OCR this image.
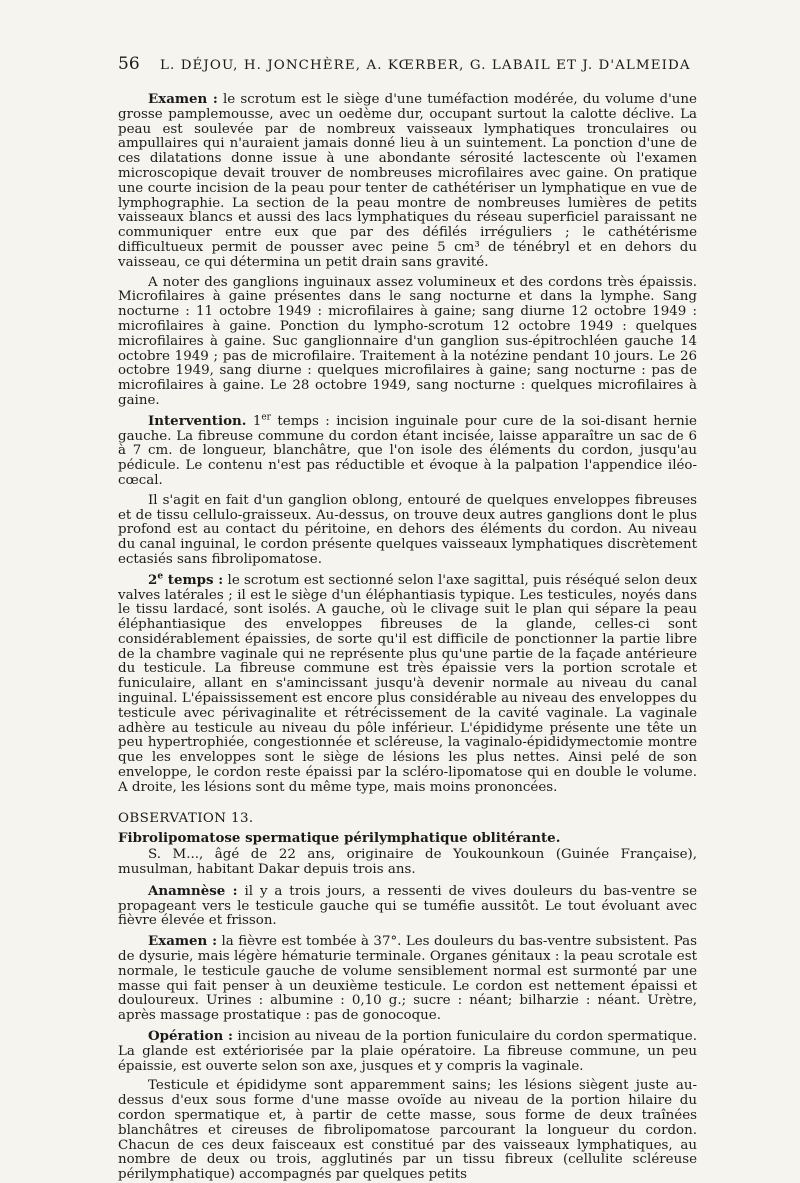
56	L. DÉJOU, H. JONCHÈRE, A. KŒRBER, G. LABAIL ET J. D'ALMEIDA

Examen : le scrotum est le siège d'une tuméfaction modérée, du volume d'une grosse pamplemousse, avec un oedème dur, occupant surtout la calotte déclive. La peau est soulevée par de nombreux vaisseaux lymphatiques tronculaires ou ampullaires qui n'auraient jamais donné lieu à un suintement. La ponction d'une de ces dilatations donne issue à une abondante sérosité lactescente où l'examen microscopique devait trouver de nombreuses microfilaires avec gaine. On pratique une courte incision de la peau pour tenter de cathétériser un lymphatique en vue de lymphographie. La section de la peau montre de nombreuses lumières de petits vaisseaux blancs et aussi des lacs lymphatiques du réseau superficiel paraissant ne communiquer entre eux que par des défilés irréguliers ; le cathétérisme difficultueux permit de pousser avec peine 5 cm³ de ténébryl et en dehors du vaisseau, ce qui détermina un petit drain sans gravité.

A noter des ganglions inguinaux assez volumineux et des cordons très épaissis. Microfilaires à gaine présentes dans le sang nocturne et dans la lymphe. Sang nocturne : 11 octobre 1949 : microfilaires à gaine; sang diurne 12 octobre 1949 : microfilaires à gaine. Ponction du lympho-scrotum 12 octobre 1949 : quelques microfilaires à gaine. Suc ganglionnaire d'un ganglion sus-épitrochléen gauche 14 octobre 1949 ; pas de microfilaire. Traitement à la notézine pendant 10 jours. Le 26 octobre 1949, sang diurne : quelques microfilaires à gaine; sang nocturne : pas de microfilaires à gaine. Le 28 octobre 1949, sang nocturne : quelques microfilaires à gaine.

Intervention. 1er temps : incision inguinale pour cure de la soi-disant hernie gauche. La fibreuse commune du cordon étant incisée, laisse apparaître un sac de 6 à 7 cm. de longueur, blanchâtre, que l'on isole des éléments du cordon, jusqu'au pédicule. Le contenu n'est pas réductible et évoque à la palpation l'appendice iléo-cœcal.

Il s'agit en fait d'un ganglion oblong, entouré de quelques enveloppes fibreuses et de tissu cellulo-graisseux. Au-dessus, on trouve deux autres ganglions dont le plus profond est au contact du péritoine, en dehors des éléments du cordon. Au niveau du canal inguinal, le cordon présente quelques vaisseaux lymphatiques discrètement ectasiés sans fibrolipomatose.

2e temps : le scrotum est sectionné selon l'axe sagittal, puis réséqué selon deux valves latérales ; il est le siège d'un éléphantiasis typique. Les testicules, noyés dans le tissu lardacé, sont isolés. A gauche, où le clivage suit le plan qui sépare la peau éléphantiasique des enveloppes fibreuses de la glande, celles-ci sont considérablement épaissies, de sorte qu'il est difficile de ponctionner la partie libre de la chambre vaginale qui ne représente plus qu'une partie de la façade antérieure du testicule. La fibreuse commune est très épaissie vers la portion scrotale et funiculaire, allant en s'amincissant jusqu'à devenir normale au niveau du canal inguinal. L'épaississement est encore plus considérable au niveau des enveloppes du testicule avec périvaginalite et rétrécissement de la cavité vaginale. La vaginale adhère au testicule au niveau du pôle inférieur. L'épididyme présente une tête un peu hypertrophiée, congestionnée et scléreuse, la vaginalo-épididymectomie montre que les enveloppes sont le siège de lésions les plus nettes. Ainsi pelé de son enveloppe, le cordon reste épaissi par la scléro-lipomatose qui en double le volume. A droite, les lésions sont du même type, mais moins prononcées.

OBSERVATION 13.
Fibrolipomatose spermatique périlymphatique oblitérante.

S. M..., âgé de 22 ans, originaire de Youkounkoun (Guinée Française), musulman, habitant Dakar depuis trois ans.

Anamnèse : il y a trois jours, a ressenti de vives douleurs du bas-ventre se propageant vers le testicule gauche qui se tuméfie aussitôt. Le tout évoluant avec fièvre élevée et frisson.

Examen : la fièvre est tombée à 37°. Les douleurs du bas-ventre subsistent. Pas de dysurie, mais légère hématurie terminale. Organes génitaux : la peau scrotale est normale, le testicule gauche de volume sensiblement normal est surmonté par une masse qui fait penser à un deuxième testicule. Le cordon est nettement épaissi et douloureux. Urines : albumine : 0,10 g.; sucre : néant; bilharzie : néant. Urètre, après massage prostatique : pas de gonocoque.

Opération : incision au niveau de la portion funiculaire du cordon spermatique. La glande est extériorisée par la plaie opératoire. La fibreuse commune, un peu épaissie, est ouverte selon son axe, jusques et y compris la vaginale.

Testicule et épididyme sont apparemment sains; les lésions siègent juste au-dessus d'eux sous forme d'une masse ovoïde au niveau de la portion hilaire du cordon spermatique et, à partir de cette masse, sous forme de deux traînées blanchâtres et cireuses de fibrolipomatose parcourant la longueur du cordon. Chacun de ces deux faisceaux est constitué par des vaisseaux lymphatiques, au nombre de deux ou trois, agglutinés par un tissu fibreux (cellulite scléreuse périlymphatique) accompagnés par quelques petits
